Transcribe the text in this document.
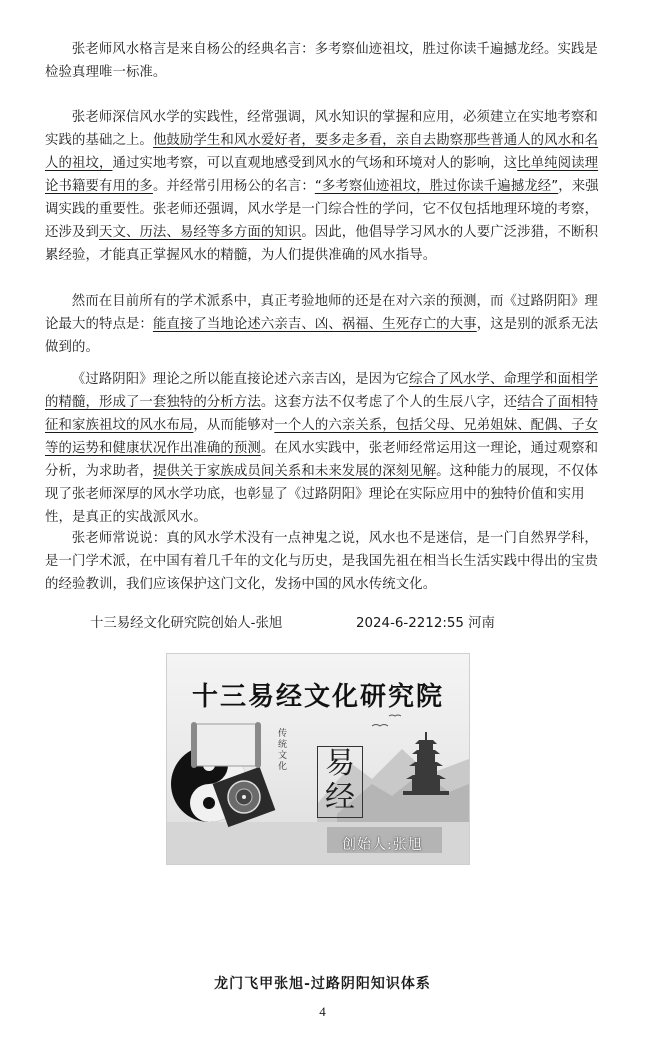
张老师风水格言是来自杨公的经典名言：多考察仙迹祖坟，胜过你读千遍撼龙经。实践是检验真理唯一标准。

张老师深信风水学的实践性，经常强调，风水知识的掌握和应用，必须建立在实地考察和实践的基础之上。他鼓励学生和风水爱好者，要多走多看，亲自去勘察那些普通人的风水和名人的祖坟，通过实地考察，可以直观地感受到风水的气场和环境对人的影响，这比单纯阅读理论书籍要有用的多。并经常引用杨公的名言：“多考察仙迹祖坟，胜过你读千遍撼龙经”，来强调实践的重要性。张老师还强调，风水学是一门综合性的学问，它不仅包括地理环境的考察，还涉及到天文、历法、易经等多方面的知识。因此，他倡导学习风水的人要广泛涉猎，不断积累经验，才能真正掌握风水的精髓，为人们提供准确的风水指导。

然而在目前所有的学术派系中，真正考验地师的还是在对六亲的预测，而《过路阴阳》理论最大的特点是：能直接了当地论述六亲吉、凶、祸福、生死存亡的大事，这是别的派系无法做到的。

《过路阴阳》理论之所以能直接论述六亲吉凶，是因为它综合了风水学、命理学和面相学的精髓，形成了一套独特的分析方法。这套方法不仅考虑了个人的生辰八字，还结合了面相特征和家族祖坟的风水布局，从而能够对一个人的六亲关系，包括父母、兄弟姐妹、配偶、子女等的运势和健康状况作出准确的预测。在风水实践中，张老师经常运用这一理论，通过观察和分析，为求助者，提供关于家族成员间关系和未来发展的深刻见解。这种能力的展现，不仅体现了张老师深厚的风水学功底，也彰显了《过路阴阳》理论在实际应用中的独特价值和实用性，是真正的实战派风水。

张老师常说说：真的风水学术没有一点神鬼之说，风水也不是迷信，是一门自然界学科，是一门学术派，在中国有着几千年的文化与历史，是我国先祖在相当长生活实践中得出的宝贵的经验教训，我们应该保护这门文化，发扬中国的风水传统文化。

十三易经文化研究院创始人-张旭	2024-6-2212:55 河南
十三易经文化研究院
传统文化 易
经
创始人:张旭
龙门飞甲张旭-过路阴阳知识体系
4
